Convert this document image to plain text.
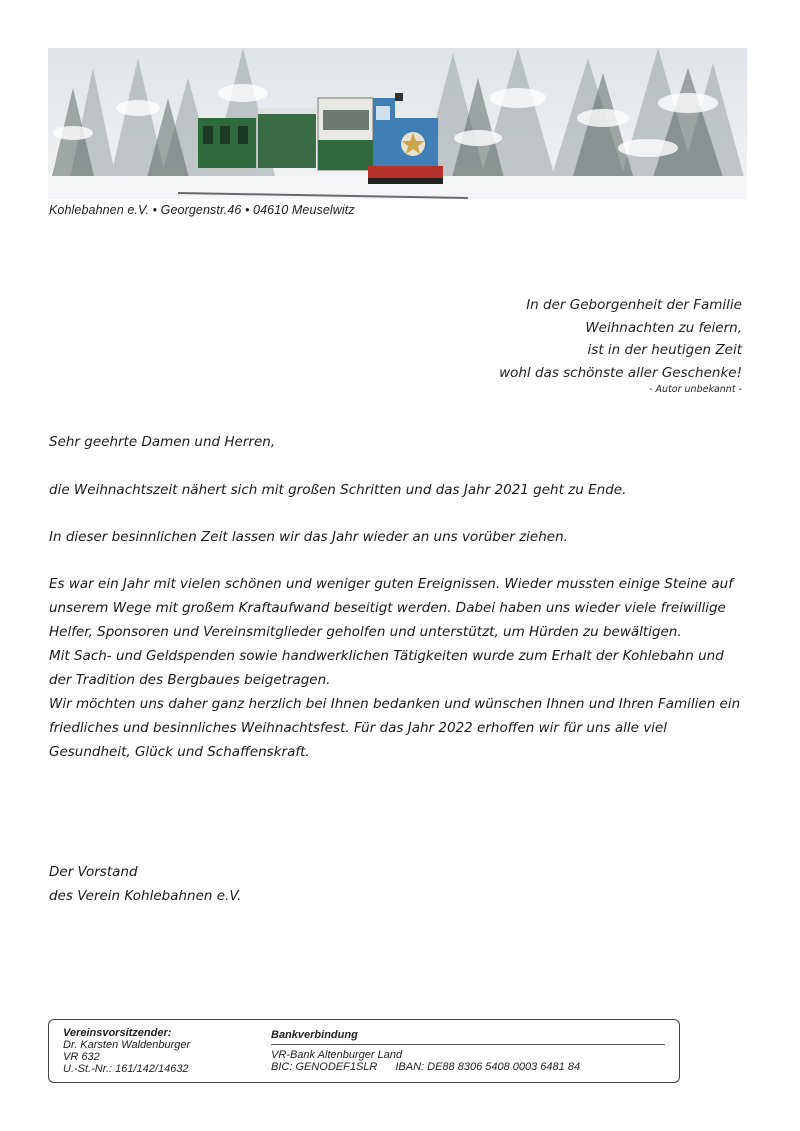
Kohlebahnen e.V. • Georgenstr.46 • 04610 Meuselwitz
In der Geborgenheit der Familie
Weihnachten zu feiern,
ist in der heutigen Zeit
wohl das schönste aller Geschenke!
- Autor unbekannt -

Sehr geehrte Damen und Herren,

die Weihnachtszeit nähert sich mit großen Schritten und das Jahr 2021 geht zu Ende.

In dieser besinnlichen Zeit lassen wir das Jahr wieder an uns vorüber ziehen.

Es war ein Jahr mit vielen schönen und weniger guten Ereignissen. Wieder mussten einige Steine auf unserem Wege mit großem Kraftaufwand beseitigt werden. Dabei haben uns wieder viele freiwillige Helfer, Sponsoren und Vereinsmitglieder geholfen und unterstützt, um Hürden zu bewältigen.

Mit Sach- und Geldspenden sowie handwerklichen Tätigkeiten wurde zum Erhalt der Kohlebahn und der Tradition des Bergbaues beigetragen.

Wir möchten uns daher ganz herzlich bei Ihnen bedanken und wünschen Ihnen und Ihren Familien ein friedliches und besinnliches Weihnachtsfest. Für das Jahr 2022 erhoffen wir für uns alle viel Gesundheit, Glück und Schaffenskraft.

Der Vorstand
des Verein Kohlebahnen e.V.
Vereinsvorsitzender:
Dr. Karsten Waldenburger
VR 632
U.-St.-Nr.: 161/142/14632
Bankverbindung
VR-Bank Altenburger Land
BIC: GENODEF1SLR IBAN: DE88 8306 5408 0003 6481 84
